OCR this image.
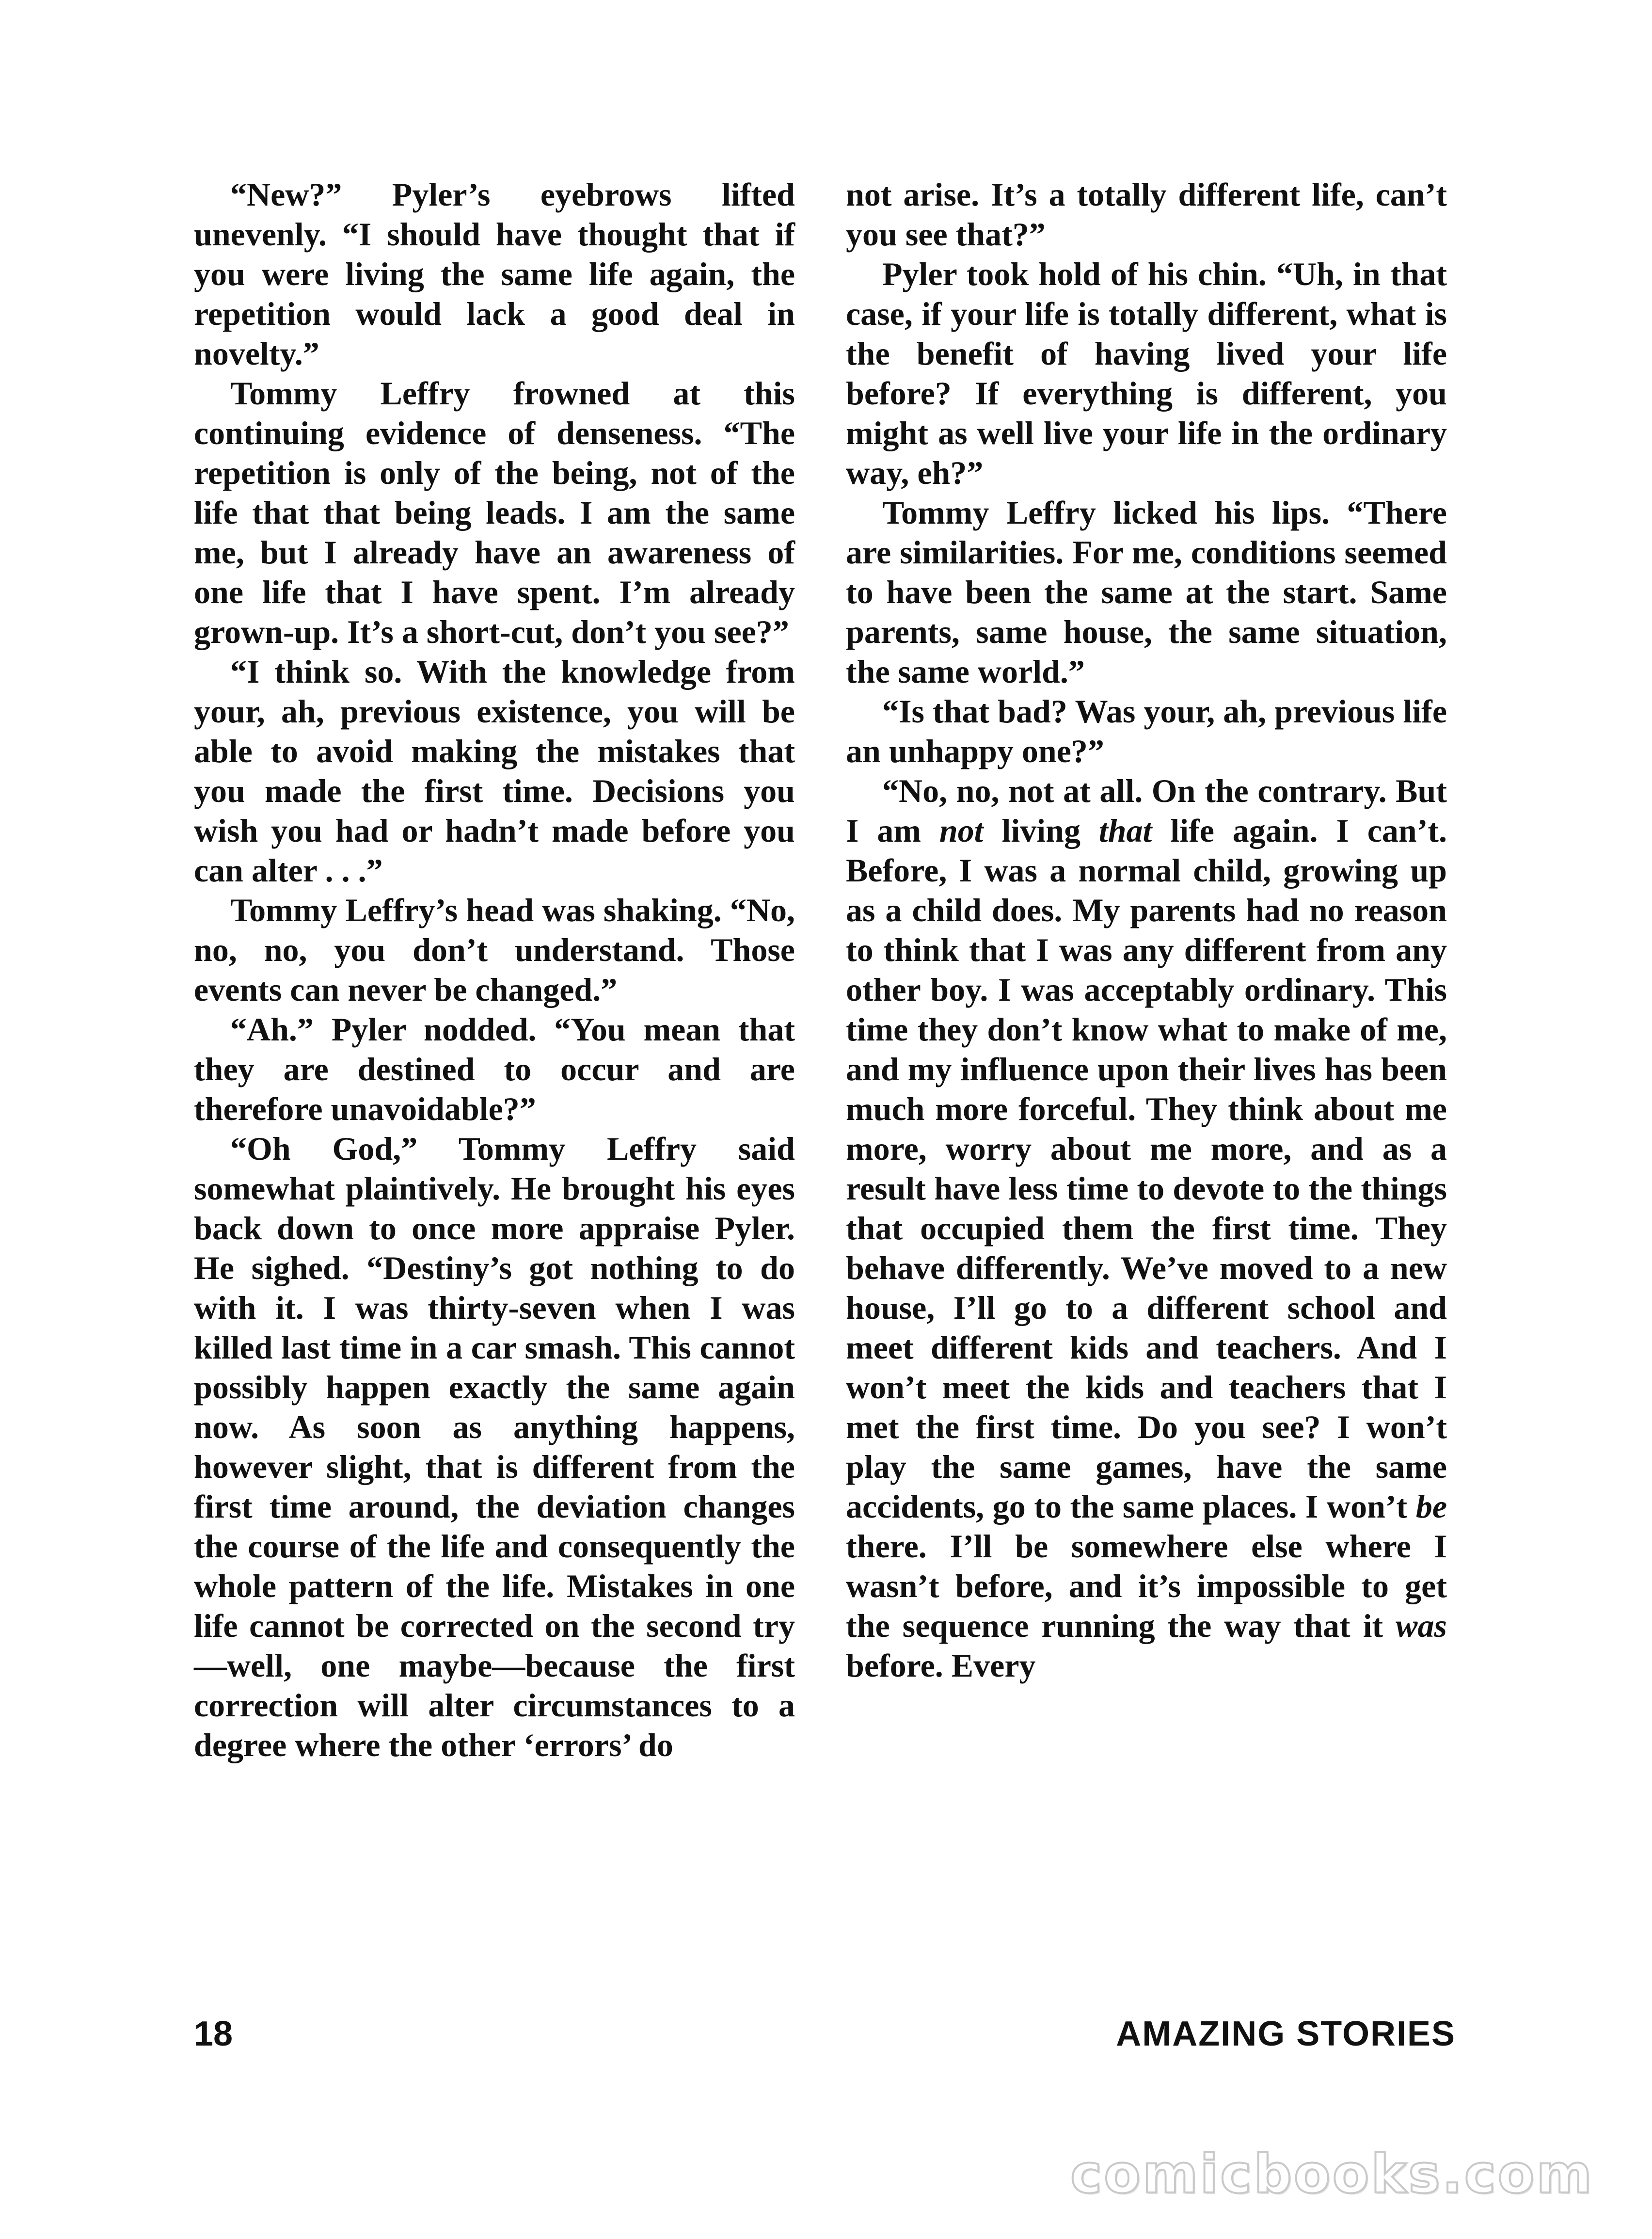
“New?” Pyler’s eyebrows lifted unevenly. “I should have thought that if you were living the same life again, the repetition would lack a good deal in novelty.”

Tommy Leffry frowned at this continuing evidence of denseness. “The repetition is only of the being, not of the life that that being leads. I am the same me, but I already have an awareness of one life that I have spent. I’m already grown-up. It’s a short-cut, don’t you see?”

“I think so. With the knowledge from your, ah, previous existence, you will be able to avoid making the mistakes that you made the first time. Decisions you wish you had or hadn’t made before you can alter . . .”

Tommy Leffry’s head was shaking. “No, no, no, you don’t understand. Those events can never be changed.”

“Ah.” Pyler nodded. “You mean that they are destined to occur and are therefore unavoidable?”

“Oh God,” Tommy Leffry said somewhat plaintively. He brought his eyes back down to once more appraise Pyler. He sighed. “Destiny’s got nothing to do with it. I was thirty-seven when I was killed last time in a car smash. This cannot possibly happen exactly the same again now. As soon as anything happens, however slight, that is different from the first time around, the deviation changes the course of the life and consequently the whole pattern of the life. Mistakes in one life cannot be corrected on the second try—well, one maybe—because the first correction will alter circumstances to a degree where the other ‘errors’ do

not arise. It’s a totally different life, can’t you see that?”

Pyler took hold of his chin. “Uh, in that case, if your life is totally different, what is the benefit of having lived your life before? If everything is different, you might as well live your life in the ordinary way, eh?”

Tommy Leffry licked his lips. “There are similarities. For me, conditions seemed to have been the same at the start. Same parents, same house, the same situation, the same world.”

“Is that bad? Was your, ah, previous life an unhappy one?”

“No, no, not at all. On the contrary. But I am not living that life again. I can’t. Before, I was a normal child, growing up as a child does. My parents had no reason to think that I was any different from any other boy. I was acceptably ordinary. This time they don’t know what to make of me, and my influence upon their lives has been much more forceful. They think about me more, worry about me more, and as a result have less time to devote to the things that occupied them the first time. They behave differently. We’ve moved to a new house, I’ll go to a different school and meet different kids and teachers. And I won’t meet the kids and teachers that I met the first time. Do you see? I won’t play the same games, have the same accidents, go to the same places. I won’t be there. I’ll be somewhere else where I wasn’t before, and it’s impossible to get the sequence running the way that it was before. Every

18	AMAZING STORIES
comicbooks.com
